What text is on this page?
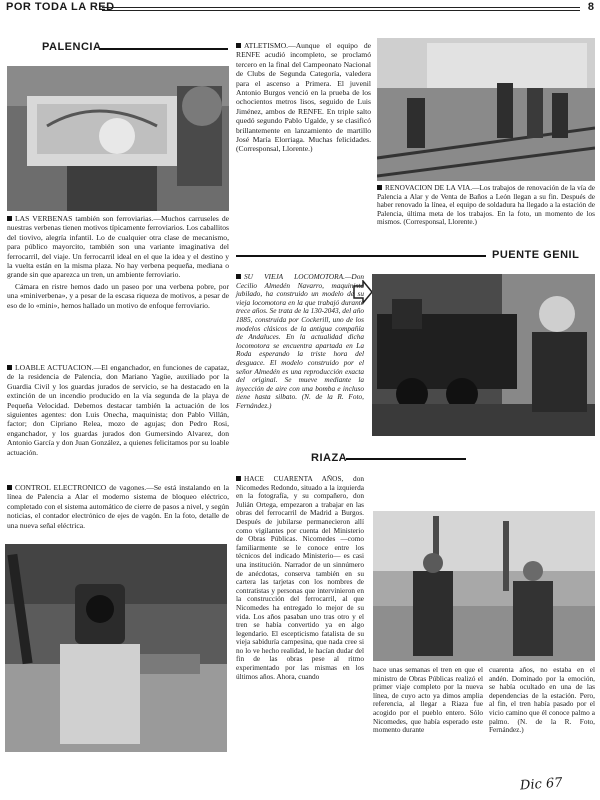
POR TODA LA RED	8
PALENCIA

LAS VERBENAS también son ferroviarias.—Muchos carruseles de nuestras verbenas tienen motivos típicamente ferroviarios. Los caballitos del tiovivo, alegría infantil. Lo de cualquier otra clase de mecanismo, para público mayorcito, también son una variante imaginativa del ferrocarril, del viaje. Un ferrocarril ideal en el que la idea y el destino y la vuelta están en la misma plaza. No hay verbena pequeña, mediana o grande sin que aparezca un tren, un ambiente ferroviario.

Cámara en ristre hemos dado un paseo por una verbena pobre, por una «miniverbena», y a pesar de la escasa riqueza de motivos, a pesar de eso de lo «mini», hemos hallado un motivo de enfoque ferroviario.

LOABLE ACTUACION.—El enganchador, en funciones de capataz, de la residencia de Palencia, don Mariano Yagüe, auxiliado por la Guardia Civil y los guardas jurados de servicio, se ha destacado en la extinción de un incendio producido en la vía segunda de la playa de Pequeña Velocidad. Debemos destacar también la actuación de los siguientes agentes: don Luis Onecha, maquinista; don Pablo Villán, factor; don Cipriano Relea, mozo de agujas; don Pedro Rosi, enganchador, y los guardas jurados don Gumersindo Alvarez, don Antonio García y don Juan González, a quienes felicitamos por su loable actuación.

CONTROL ELECTRONICO de vagones.—Se está instalando en la línea de Palencia a Alar el moderno sistema de bloqueo eléctrico, completado con el sistema automático de cierre de pasos a nivel, y según noticias, el contador electrónico de ejes de vagón. En la foto, detalle de una nueva señal eléctrica.

ATLETISMO.—Aunque el equipo de RENFE acudió incompleto, se proclamó tercero en la final del Campeonato Nacional de Clubs de Segunda Categoría, valedera para el ascenso a Primera. El juvenil Antonio Burgos venció en la prueba de los ochocientos metros lisos, seguido de Luis Jiménez, ambos de RENFE. En triple salto quedó segundo Pablo Ugalde, y se clasificó brillantemente en lanzamiento de martillo José María Elorriaga. Muchas felicidades. (Corresponsal, Llorente.)

RENOVACION DE LA VIA.—Los trabajos de renovación de la vía de Palencia a Alar y de Venta de Baños a León llegan a su fin. Después de haber renovado la línea, el equipo de soldadura ha llegado a la estación de Palencia, última meta de los trabajos. En la foto, un momento de los mismos. (Corresponsal, Llorente.)

PUENTE GENIL
SU VIEJA LOCOMOTORA.—Don Cecilio Almedén Navarro, maquinista jubilado, ha construido un modelo de su vieja locomotora en la que trabajó durante trece años. Se trata de la 130-2043, del año 1885, construida por Cockerill, uno de los modelos clásicos de la antigua compañía de Andaluces. En la actualidad dicha locomotora se encuentra apartada en La Roda esperando la triste hora del desguace. El modelo construido por el señor Almedén es una reproducción exacta del original. Se mueve mediante la inyección de aire con una bomba e incluso tiene hasta silbato. (N. de la R. Foto, Fernández.)
RIAZA
HACE CUARENTA AÑOS, don Nicomedes Redondo, situado a la izquierda en la fotografía, y su compañero, don Julián Ortega, empezaron a trabajar en las obras del ferrocarril de Madrid a Burgos. Después de jubilarse permanecieron allí como vigilantes por cuenta del Ministerio de Obras Públicas. Nicomedes —como familiarmente se le conoce entre los técnicos del indicado Ministerio— es casi una institución. Narrador de un sinnúmero de anécdotas, conserva también en su cartera las tarjetas con los nombres de contratistas y personas que intervinieron en la construcción del ferrocarril, al que Nicomedes ha entregado lo mejor de su vida. Los años pasaban uno tras otro y el tren se había convertido ya en algo legendario. El escepticismo fatalista de su vieja sabiduría campesina, que nada cree si no lo ve hecho realidad, le hacían dudar del fin de las obras pese al ritmo experimentado por las mismas en los últimos años. Ahora, cuando
hace unas semanas el tren en que el ministro de Obras Públicas realizó el primer viaje completo por la nueva línea, de cuyo acto ya dimos amplia referencia, al llegar a Riaza fue acogido por el pueblo entero. Sólo Nicomedes, que había esperado este momento durante
cuarenta años, no estaba en el andén. Dominado por la emoción, se había ocultado en una de las dependencias de la estación. Pero, al fin, el tren había pasado por el vicio camino que él conoce palmo a palmo. (N. de la R. Foto, Fernández.)
Dic 67
